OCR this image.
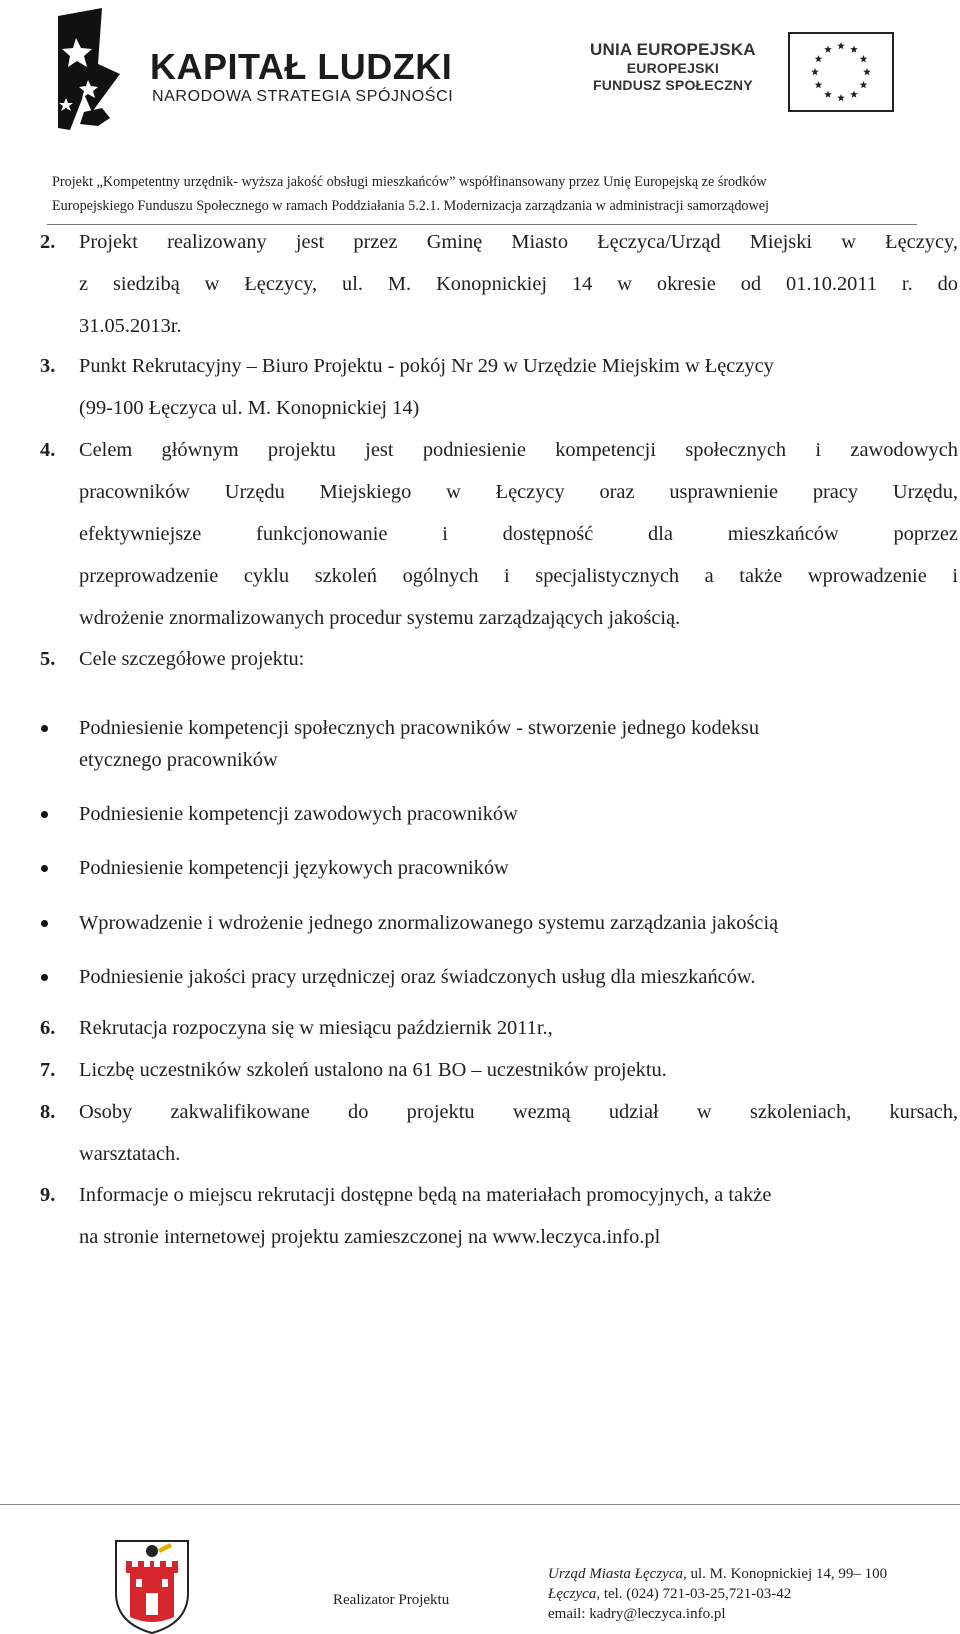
KAPITAŁ LUDZKI
NARODOWA STRATEGIA SPÓJNOŚCI
UNIA EUROPEJSKA
EUROPEJSKI
FUNDUSZ SPOŁECZNY
Projekt „Kompetentny urzędnik- wyższa jakość obsługi mieszkańców” współfinansowany przez Unię Europejską ze środków
Europejskiego Funduszu Społecznego w ramach Poddziałania 5.2.1. Modernizacja zarządzania w administracji samorządowej
2. Projekt realizowany jest przez Gminę Miasto Łęczyca/Urząd Miejski w Łęczycy,
z siedzibą w Łęczycy, ul. M. Konopnickiej 14 w okresie od 01.10.2011 r. do
31.05.2013r.
3. Punkt Rekrutacyjny – Biuro Projektu - pokój Nr 29 w Urzędzie Miejskim w Łęczycy
(99-100 Łęczyca ul. M. Konopnickiej 14)
4. Celem głównym projektu jest podniesienie kompetencji społecznych i zawodowych
pracowników Urzędu Miejskiego w Łęczycy oraz usprawnienie pracy Urzędu,
efektywniejsze funkcjonowanie i dostępność dla mieszkańców poprzez
przeprowadzenie cyklu szkoleń ogólnych i specjalistycznych a także wprowadzenie i
wdrożenie znormalizowanych procedur systemu zarządzających jakością.
5. Cele szczegółowe projektu:
Podniesienie kompetencji społecznych pracowników - stworzenie jednego kodeksu
etycznego pracowników
Podniesienie kompetencji zawodowych pracowników
Podniesienie kompetencji językowych pracowników
Wprowadzenie i wdrożenie jednego znormalizowanego systemu zarządzania jakością
Podniesienie jakości pracy urzędniczej oraz świadczonych usług dla mieszkańców.
6. Rekrutacja rozpoczyna się w miesiącu październik 2011r.,
7. Liczbę uczestników szkoleń ustalono na 61 BO – uczestników projektu.
8. Osoby zakwalifikowane do projektu wezmą udział w szkoleniach, kursach,
warsztatach.
9. Informacje o miejscu rekrutacji dostępne będą na materiałach promocyjnych, a także
na stronie internetowej projektu zamieszczonej na www.leczyca.info.pl
Realizator Projektu
Urząd Miasta Łęczyca, ul. M. Konopnickiej 14, 99– 100
Łęczyca, tel. (024) 721-03-25,721-03-42
email: kadry@leczyca.info.pl
